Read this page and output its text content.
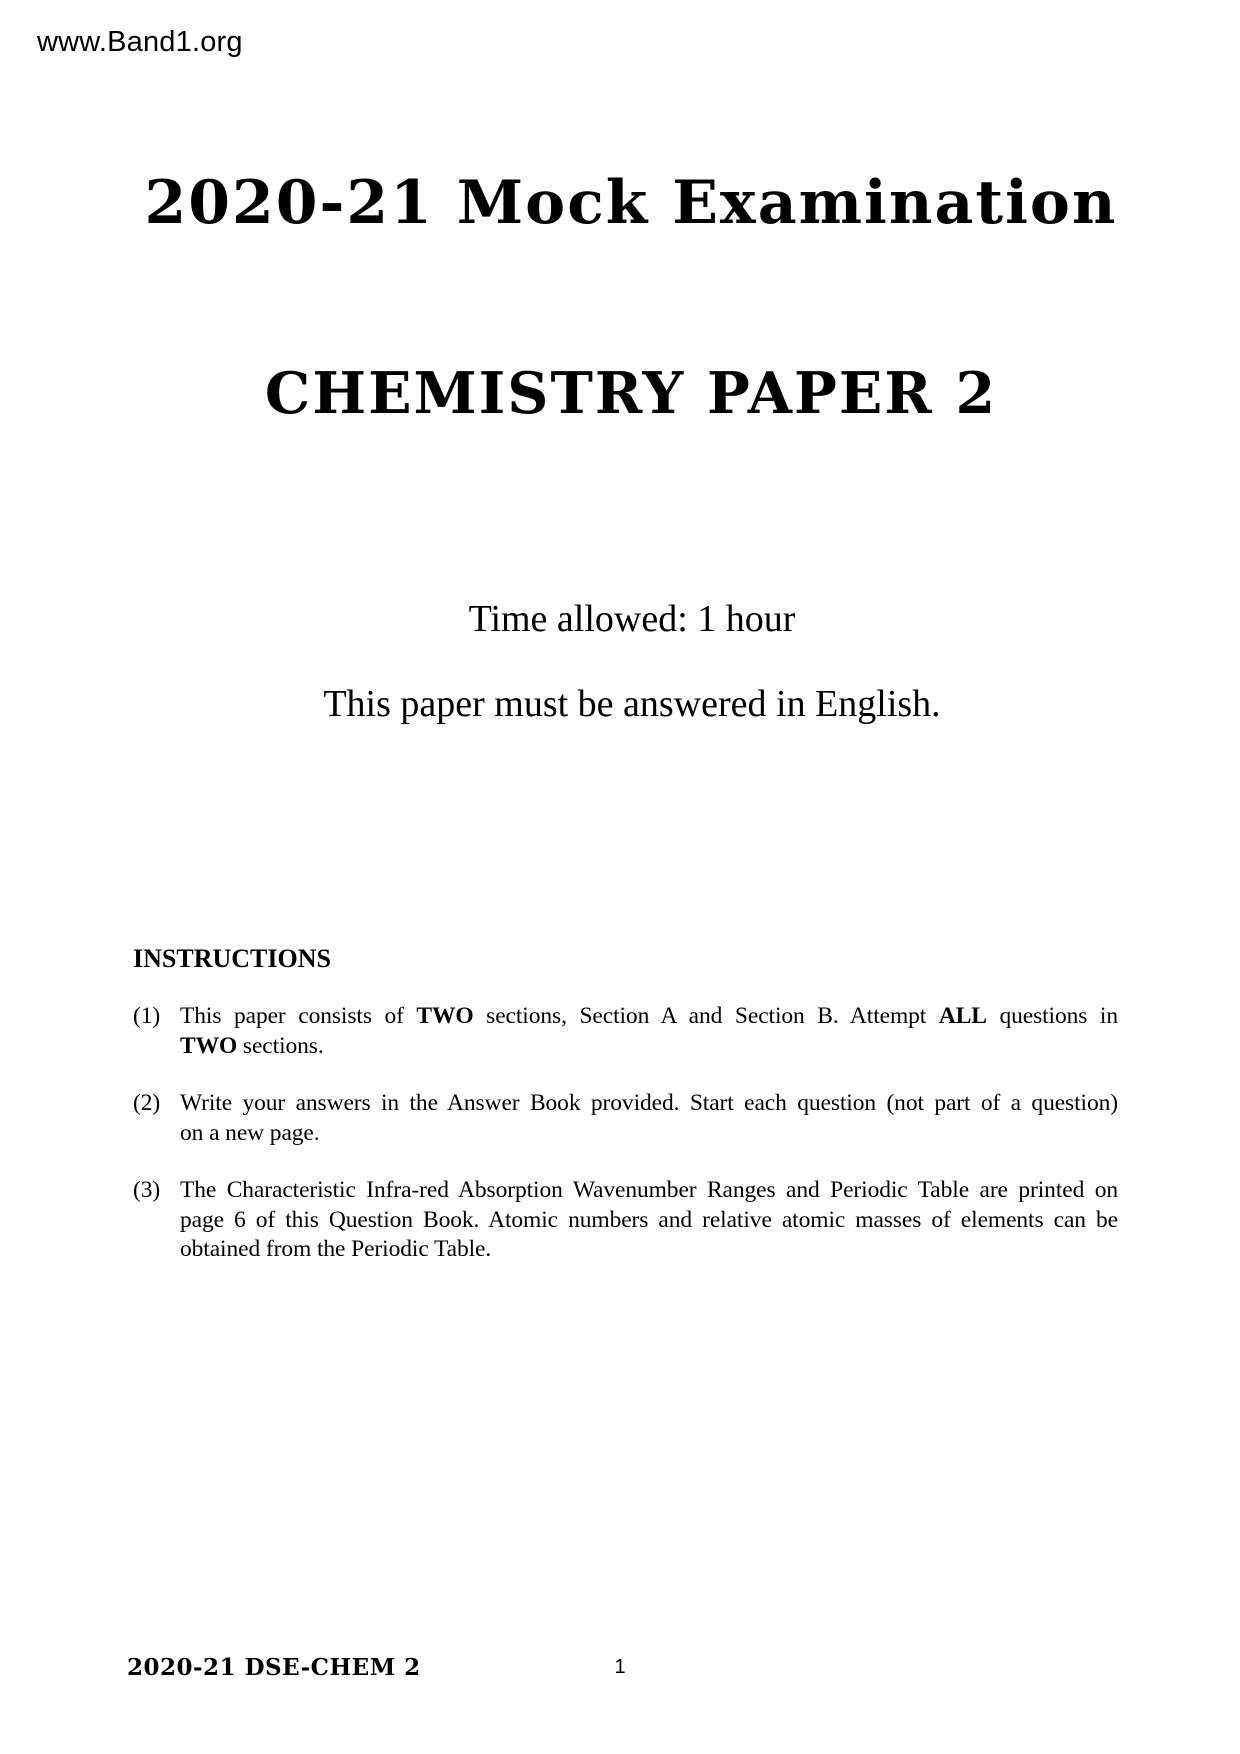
www.Band1.org
2020-21 Mock Examination
CHEMISTRY PAPER 2
Time allowed: 1 hour
This paper must be answered in English.
INSTRUCTIONS
(1) This paper consists of TWO sections, Section A and Section B. Attempt ALL questions in
TWO sections.
(2) Write your answers in the Answer Book provided. Start each question (not part of a question)
on a new page.
(3) The Characteristic Infra-red Absorption Wavenumber Ranges and Periodic Table are printed on
page 6 of this Question Book. Atomic numbers and relative atomic masses of elements can be
obtained from the Periodic Table.
2020-21 DSE-CHEM 2	1
